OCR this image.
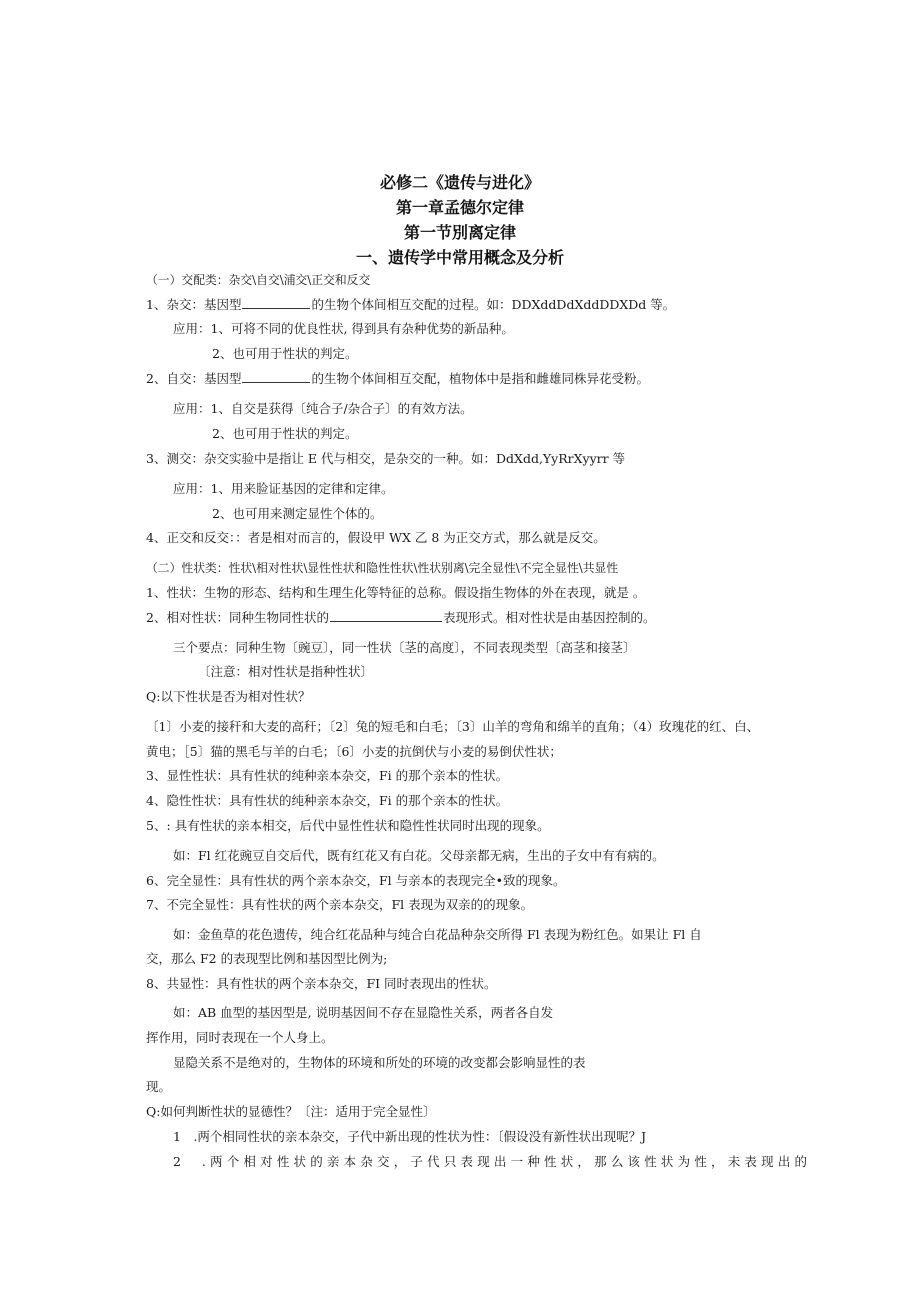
必修二《遗传与进化》
第一章孟德尔定律
第一节別离定律
一、遗传学中常用概念及分析
（一）交配类：杂交\自交\浦交\正交和反交
1、杂交：基因型	的生物个体间相互交配的过程。如：DDXddDdXddDDXDd 等。
应用：1、可将不同的优良性状, 得到具有杂种优势的新品种。
2、也可用于性状的判定。
2、自交：基因型	的生物个体间相互交配，植物体中是指和雌雄同株异花受粉。
应用：1、自交是获得〔纯合子/杂合子〕的有效方法。
2、也可用于性状的判定。
3、测交：杂交实验中是指让 E 代与相交，是杂交的一种。如：DdXdd,YyRrXyyrr 等
应用：1、用来脸证基因的定律和定律。
2、也可用来测定显性个体的。
4、正交和反交：：者是相对而言的，假设甲 WX 乙 8 为正交方式，那么就是反交。
（二）性状类：性状\相对性状\显性性状和隐性性状\性状别离\完全显性\不完全显性\共显性
1、性状：生物的形态、结构和生理生化等特征的总称。假设指生物体的外在表现，就是 。
2、相对性状：同种生物同性状的	表现形式。相对性状是由基因控制的。
三个要点：同种生物〔豌豆〕，同一性状〔茎的高度〕，不同表现类型〔高茎和接茎〕
〔注意：相对性状是指种性状〕
Q:以下性状是否为相对性状？
〔1〕小麦的接秆和大麦的高秆；〔2〕兔的短毛和白毛；〔3〕山羊的弯角和绵羊的直角；（4）玫瑰花的红、白、
黄电；［5〕猫的黑毛与羊的白毛；〔6〕小麦的抗倒伏与小麦的易倒伏性状；
3、显性性状：具有性状的纯种亲本杂交，Fi 的那个亲本的性状。
4、隐性性状：具有性状的纯种亲本杂交，Fi 的那个亲本的性状。
5、: 具有性状的亲本相交，后代中显性性状和隐性性状同时出现的现象。
如：Fl 红花豌豆自交后代，既有红花又有白花。父母亲都无病，生出的子女中有有病的。
6、完全显性：具有性状的两个亲本杂交，Fl 与亲本的表现完全•致的现象。
7、不完全显性：具有性状的两个亲本杂交，Fl 表现为双亲的的现象。
如：金鱼草的花色遗传，纯合红花品种与纯合白花品种杂交所得 Fl 表现为粉红色。如果让 Fl 自
交，那么 F2 的表现型比例和基因型比例为;
8、共显性：具有性状的两个亲本杂交，FI 同时表现出的性状。
如：AB 血型的基因型是, 说明基因间不存在显隐性关系，两者各自发
挥作用，同时表现在一个人身上。
显隐关系不是绝对的，生物体的环境和所处的环境的改变都会影响显性的表
现。
Q:如何判断性状的显德性？〔注：适用于完全显性〕
1　.两个相同性状的亲本杂交，子代中新出现的性状为性：〔假设没有新性状出现呢？J
2　.两个相对性状的亲本杂交，子代只表现出一种性状，那么该性状为性，未表现出的
